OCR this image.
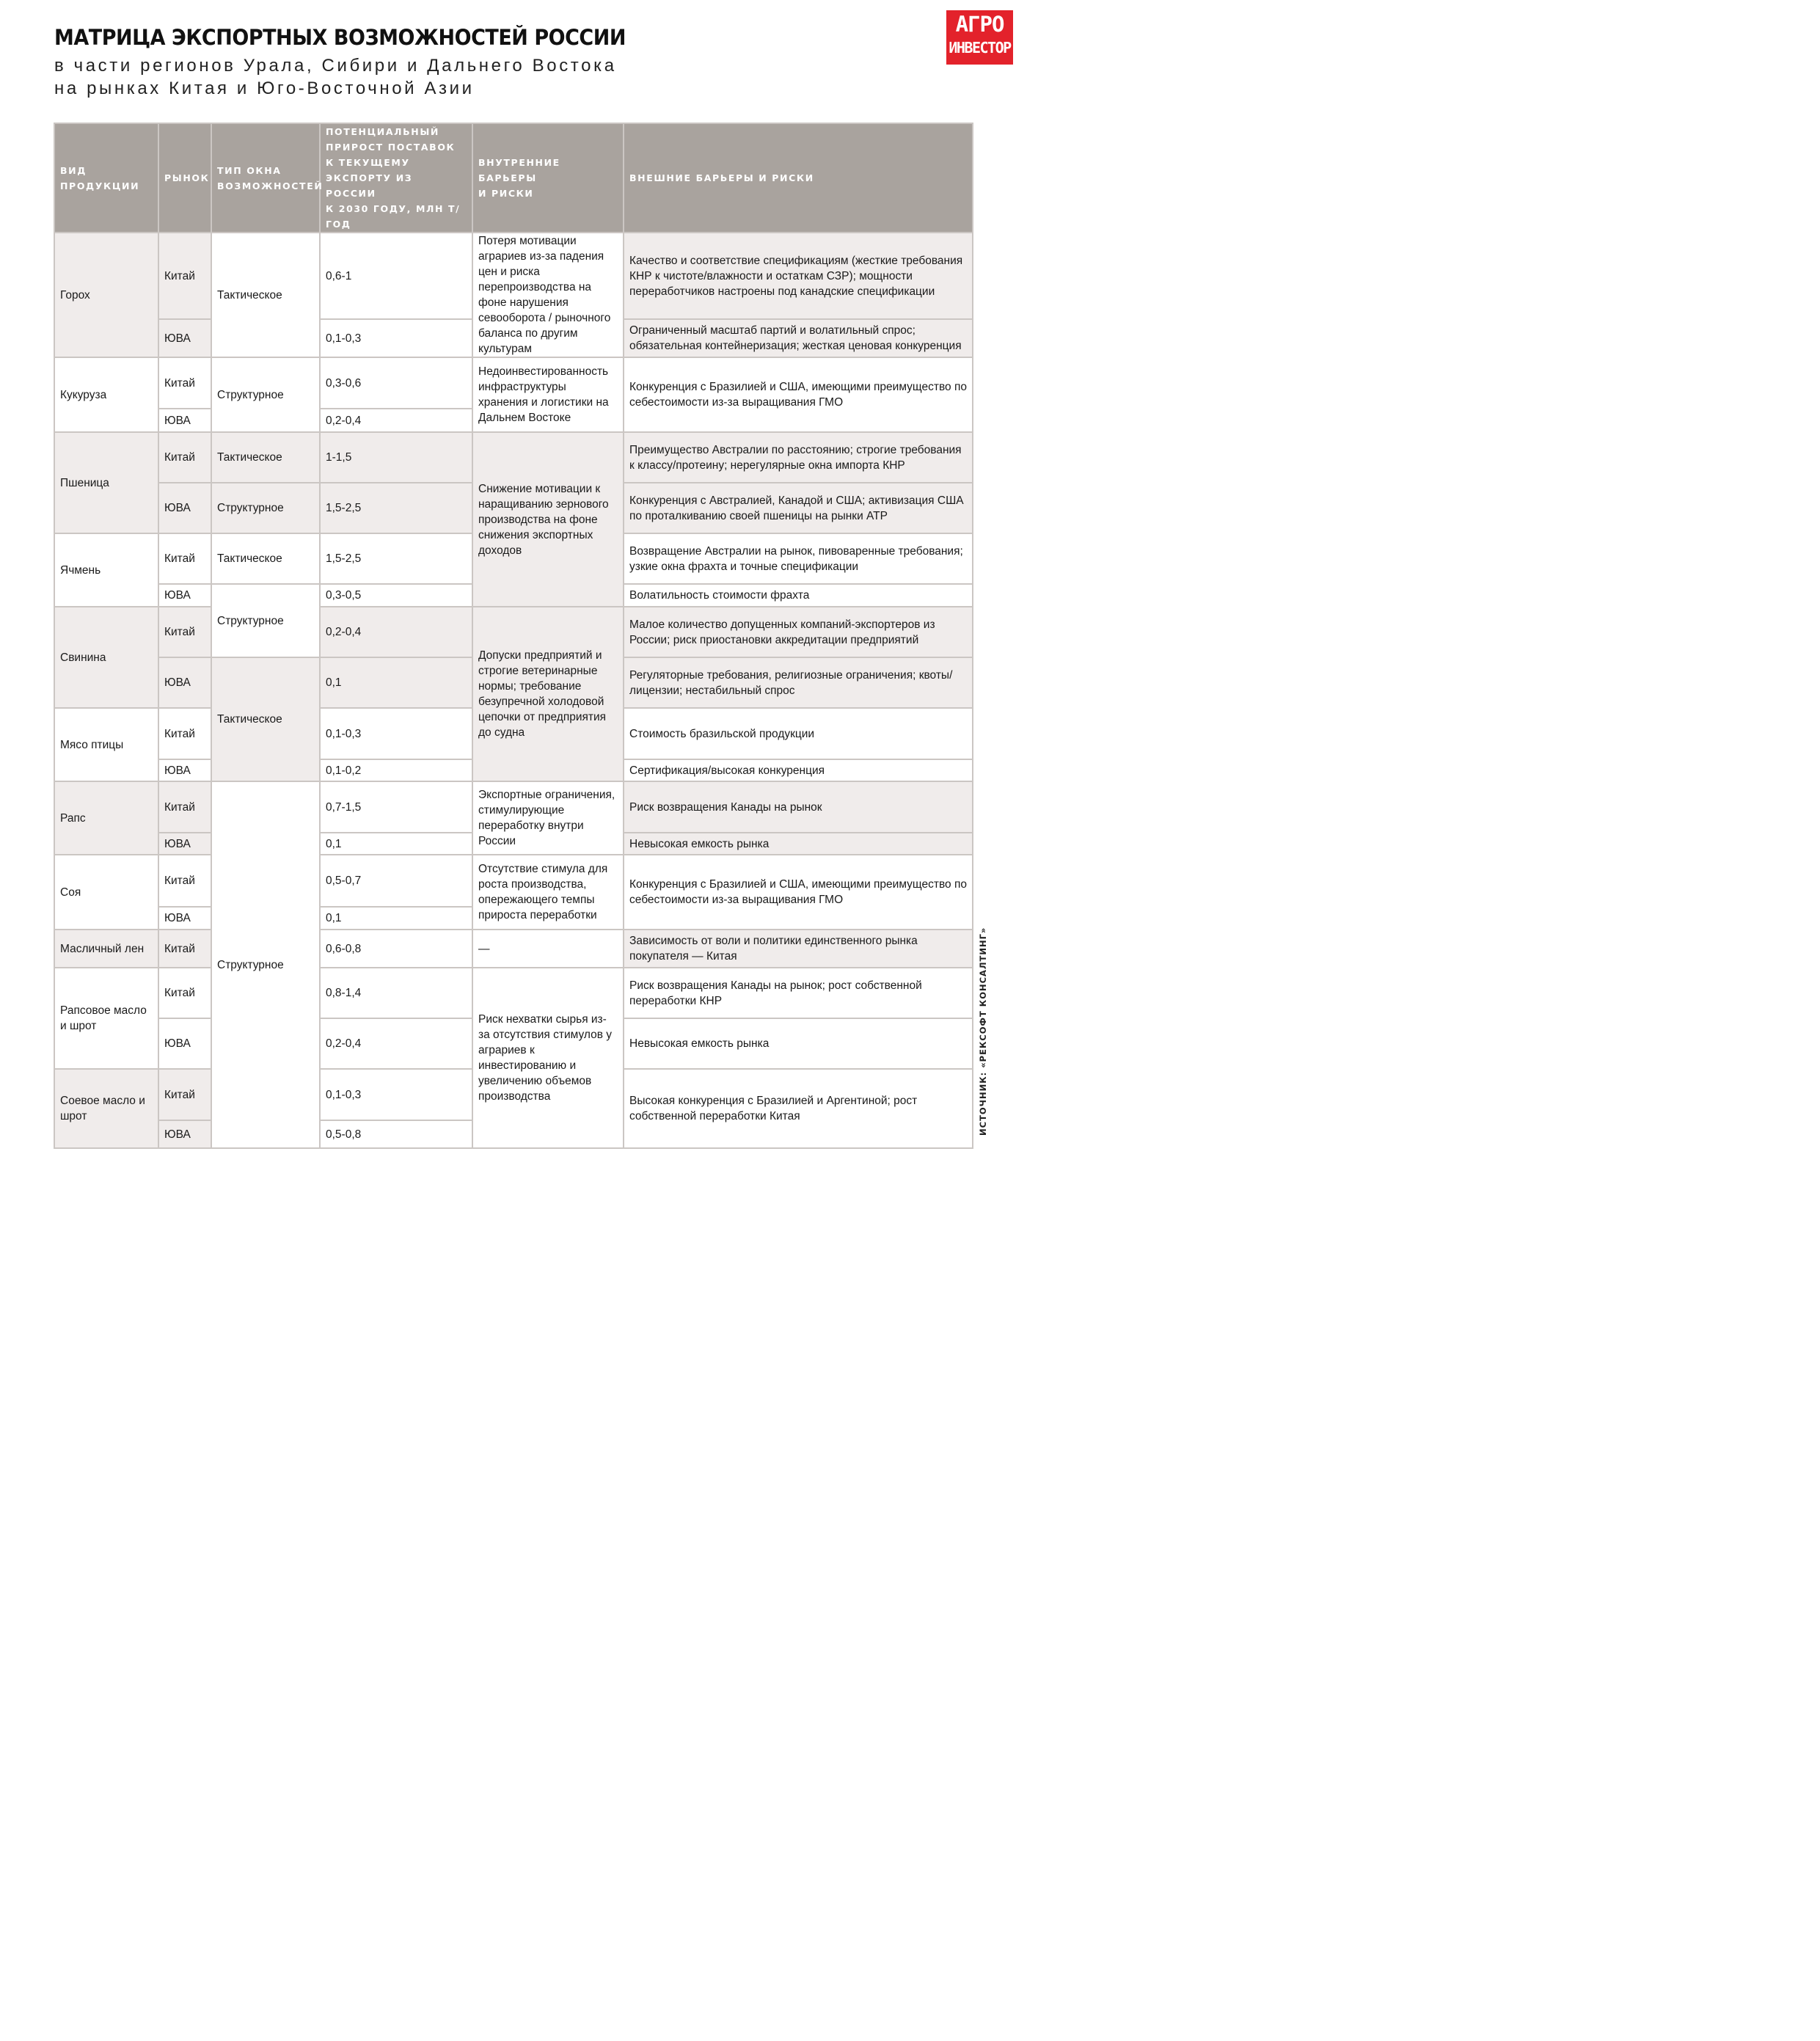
МАТРИЦА ЭКСПОРТНЫХ ВОЗМОЖНОСТЕЙ РОССИИ

в части регионов Урала, Сибири и Дальнего Востока

на рынках Китая и Юго-Восточной Азии

АГРО
ИНВЕСТОР
ВИД ПРОДУКЦИИ	РЫНОК	ТИП ОКНА ВОЗМОЖНОСТЕЙ	ПОТЕНЦИАЛЬНЫЙ
ПРИРОСТ ПОСТАВОК
К ТЕКУЩЕМУ
ЭКСПОРТУ ИЗ РОССИИ
К 2030 ГОДУ, МЛН Т/ГОД	ВНУТРЕННИЕ БАРЬЕРЫ
И РИСКИ	ВНЕШНИЕ БАРЬЕРЫ И РИСКИ
Горох	Китай	Тактическое	0,6-1	Потеря мотивации аграриев из-за падения цен и риска перепроизводства на фоне нарушения севооборота / рыночного баланса по другим культурам	Качество и соответствие спецификациям (жесткие требования КНР к чистоте/влажности и остаткам СЗР); мощности переработчиков настроены под канадские спецификации
	ЮВА		0,1-0,3		Ограниченный масштаб партий и волатильный спрос; обязательная контейнеризация; жесткая ценовая конкуренция
Кукуруза	Китай	Структурное	0,3-0,6	Недоинвестированность инфраструктуры хранения и логистики на Дальнем Востоке	Конкуренция с Бразилией и США, имеющими преимущество по себестоимости из-за выращивания ГМО
	ЮВА		0,2-0,4		
Пшеница	Китай	Тактическое	1-1,5	Снижение мотивации к наращиванию зернового производства на фоне снижения экспортных доходов	Преимущество Австралии по расстоянию; строгие требования к классу/протеину; нерегулярные окна импорта КНР
	ЮВА	Структурное	1,5-2,5		Конкуренция с Австралией, Канадой и США; активизация США по проталкиванию своей пшеницы на рынки АТР
Ячмень	Китай	Тактическое	1,5-2,5		Возвращение Австралии на рынок, пивоваренные требования; узкие окна фрахта и точные спецификации
	ЮВА	Структурное	0,3-0,5		Волатильность стоимости фрахта
Свинина	Китай		0,2-0,4	Допуски предприятий и строгие ветеринарные нормы; требование безупречной холодовой цепочки от предприятия до судна	Малое количество допущенных компаний-экспортеров из России; риск приостановки аккредитации предприятий
	ЮВА	Тактическое	0,1		Регуляторные требования, религиозные ограничения; квоты/лицензии; нестабильный спрос
Мясо птицы	Китай		0,1-0,3		Стоимость бразильской продукции
	ЮВА		0,1-0,2		Сертификация/высокая конкуренция
Рапс	Китай	Структурное	0,7-1,5	Экспортные ограничения, стимулирующие переработку внутри России	Риск возвращения Канады на рынок
	ЮВА		0,1		Невысокая емкость рынка
Соя	Китай		0,5-0,7	Отсутствие стимула для роста производства, опережающего темпы прироста переработки	Конкуренция с Бразилией и США, имеющими преимущество по себестоимости из-за выращивания ГМО
	ЮВА		0,1		
Масличный лен	Китай		0,6-0,8	—	Зависимость от воли и политики единственного рынка покупателя — Китая
Рапсовое масло и шрот	Китай		0,8-1,4	Риск нехватки сырья из-за отсутствия стимулов у аграриев к инвестированию и увеличению объемов производства	Риск возвращения Канады на рынок; рост собственной переработки КНР
	ЮВА		0,2-0,4		Невысокая емкость рынка
Соевое масло и шрот	Китай		0,1-0,3		Высокая конкуренция с Бразилией и Аргентиной; рост собственной переработки Китая
	ЮВА		0,5-0,8			ИСТОЧНИК: «РЕКСОФТ КОНСАЛТИНГ»
